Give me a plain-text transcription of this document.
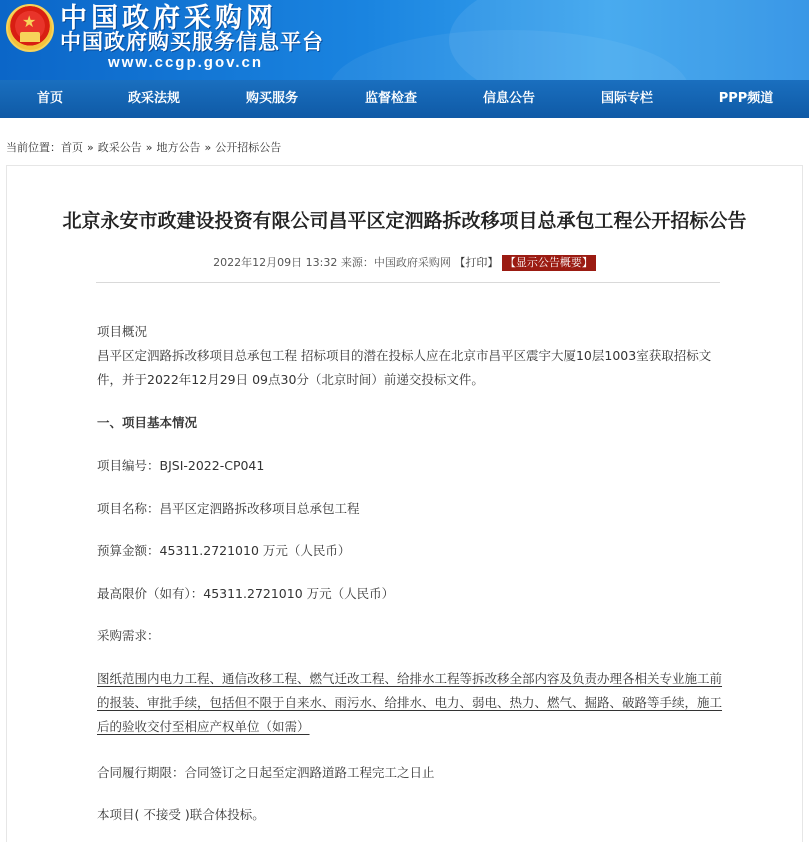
★ 中国政府采购网
中国政府购买服务信息平台
www.ccgp.gov.cn
首页	政采法规	购买服务	监督检查	信息公告	国际专栏	PPP频道
当前位置：首页 » 政采公告 » 地方公告 » 公开招标公告
北京永安市政建设投资有限公司昌平区定泗路拆改移项目总承包工程公开招标公告
2022年12月09日 13:32 来源：中国政府采购网 【打印】 【显示公告概要】
项目概况
昌平区定泗路拆改移项目总承包工程 招标项目的潜在投标人应在北京市昌平区震宇大厦10层1003室获取招标文件，并于2022年12月29日 09点30分（北京时间）前递交投标文件。
一、项目基本情况
项目编号：BJSI-2022-CP041
项目名称：昌平区定泗路拆改移项目总承包工程
预算金额：45311.2721010 万元（人民币）
最高限价（如有）：45311.2721010 万元（人民币）
采购需求：
图纸范围内电力工程、通信改移工程、燃气迁改工程、给排水工程等拆改移全部内容及负责办理各相关专业施工前的报装、审批手续，包括但不限于自来水、雨污水、给排水、电力、弱电、热力、燃气、掘路、破路等手续，施工后的验收交付至相应产权单位（如需）
合同履行期限：合同签订之日起至定泗路道路工程完工之日止
本项目( 不接受 )联合体投标。
